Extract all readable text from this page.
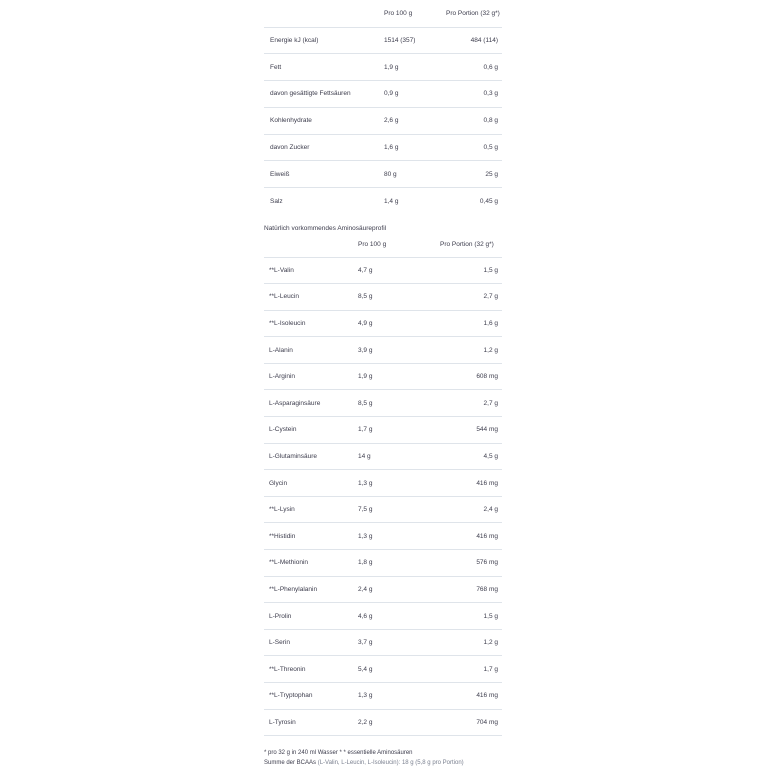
	Pro 100 g	Pro Portion (32 g*)
Energie kJ (kcal)	1514 (357)	484 (114)
Fett	1,9 g	0,6 g
davon gesättigte Fettsäuren	0,9 g	0,3 g
Kohlenhydrate	2,6 g	0,8 g
davon Zucker	1,6 g	0,5 g
Eiweiß	80 g	25 g
Salz	1,4 g	0,45 g
Natürlich vorkommendes Aminosäureprofil
	Pro 100 g	Pro Portion (32 g*)
**L-Valin	4,7 g	1,5 g
**L-Leucin	8,5 g	2,7 g
**L-Isoleucin	4,9 g	1,6 g
L-Alanin	3,9 g	1,2 g
L-Arginin	1,9 g	608 mg
L-Asparaginsäure	8,5 g	2,7 g
L-Cystein	1,7 g	544 mg
L-Glutaminsäure	14 g	4,5 g
Glycin	1,3 g	416 mg
**L-Lysin	7,5 g	2,4 g
**Histidin	1,3 g	416 mg
**L-Methionin	1,8 g	576 mg
**L-Phenylalanin	2,4 g	768 mg
L-Prolin	4,6 g	1,5 g
L-Serin	3,7 g	1,2 g
**L-Threonin	5,4 g	1,7 g
**L-Tryptophan	1,3 g	416 mg
L-Tyrosin	2,2 g	704 mg
* pro 32 g in 240 ml Wasser * * essentielle Aminosäuren
Summe der BCAAs (L-Valin, L-Leucin, L-Isoleucin): 18 g (5,8 g pro Portion)
